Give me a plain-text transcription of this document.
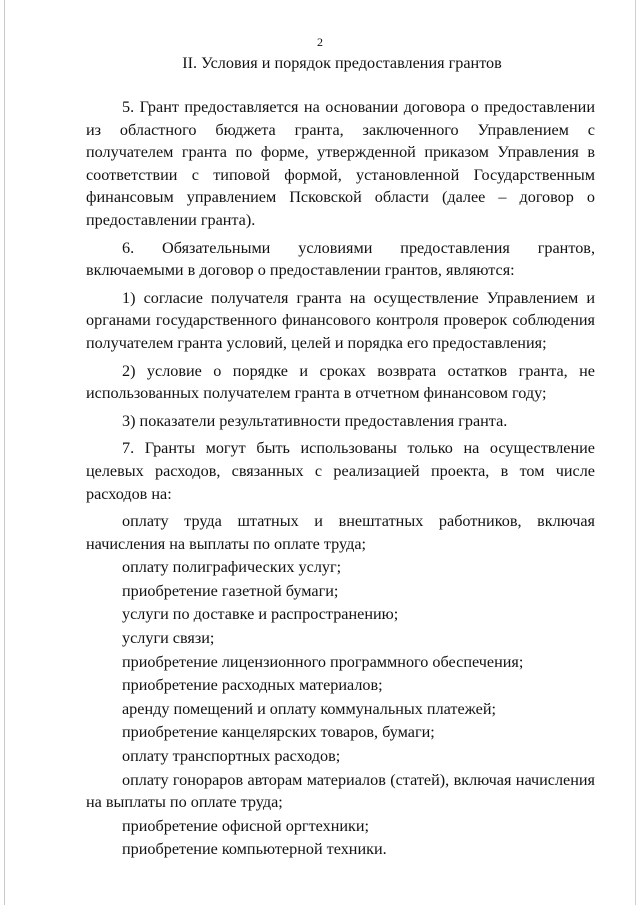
2
II. Условия и порядок предоставления грантов

5. Грант предоставляется на основании договора о предоставлении из областного бюджета гранта, заключенного Управлением с получателем гранта по форме, утвержденной приказом Управления в соответствии с типовой формой, установленной Государственным финансовым управлением Псковской области (далее – договор о предоставлении гранта).

6. Обязательными условиями предоставления грантов, включаемыми в договор о предоставлении грантов, являются:

1) согласие получателя гранта на осуществление Управлением и органами государственного финансового контроля проверок соблюдения получателем гранта условий, целей и порядка его предоставления;

2) условие о порядке и сроках возврата остатков гранта, не использованных получателем гранта в отчетном финансовом году;

3) показатели результативности предоставления гранта.

7. Гранты могут быть использованы только на осуществление целевых расходов, связанных с реализацией проекта, в том числе расходов на:

оплату труда штатных и внештатных работников, включая начисления на выплаты по оплате труда;

оплату полиграфических услуг;

приобретение газетной бумаги;

услуги по доставке и распространению;

услуги связи;

приобретение лицензионного программного обеспечения;

приобретение расходных материалов;

аренду помещений и оплату коммунальных платежей;

приобретение канцелярских товаров, бумаги;

оплату транспортных расходов;

оплату гонораров авторам материалов (статей), включая начисления на выплаты по оплате труда;

приобретение офисной оргтехники;

приобретение компьютерной техники.
